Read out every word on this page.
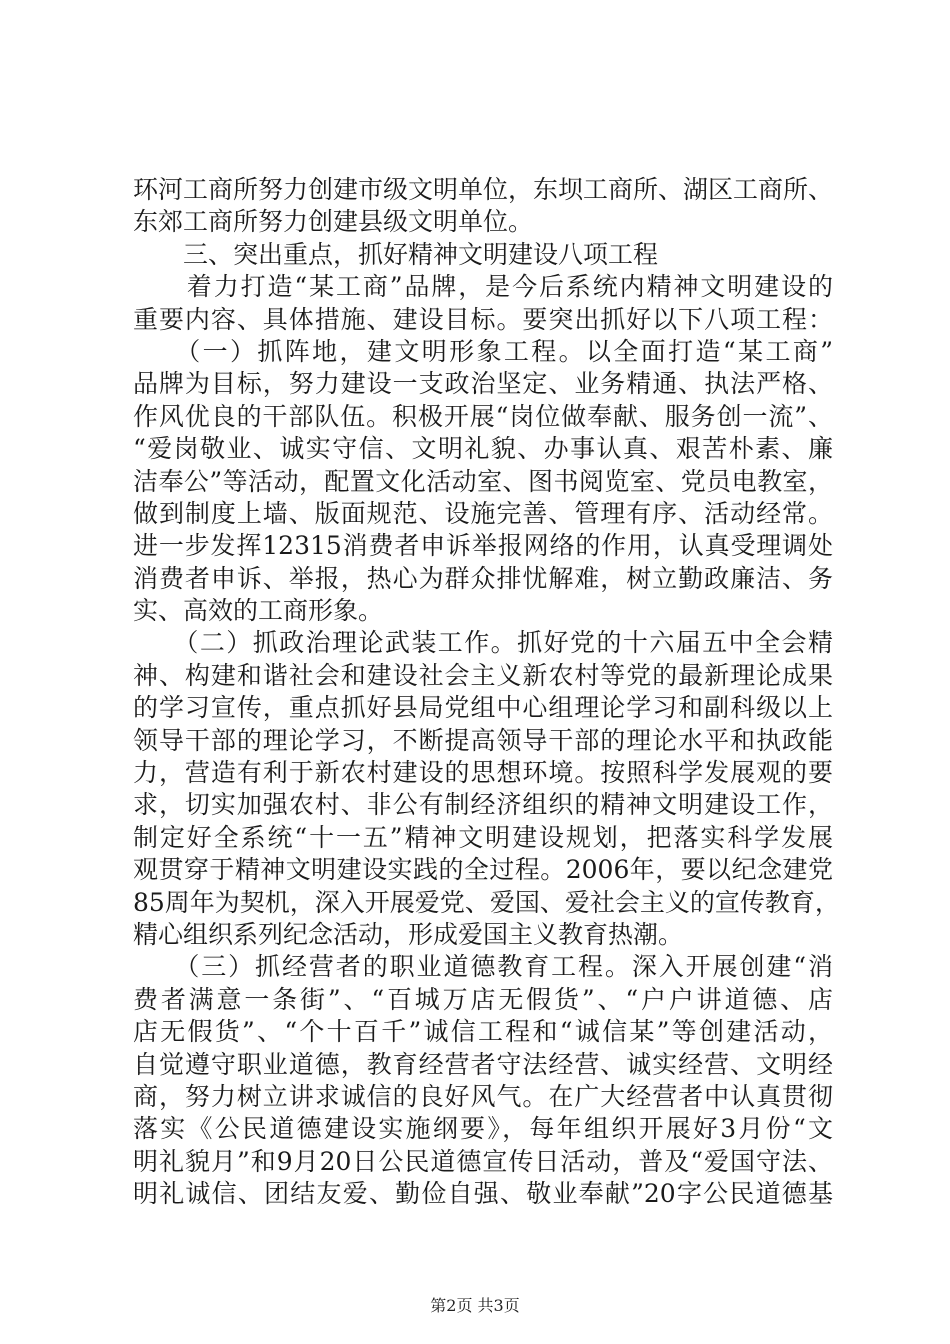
环河工商所努力创建市级文明单位，东坝工商所、湖区工商所、
东郊工商所努力创建县级文明单位。
　　三、突出重点，抓好精神文明建设八项工程
　　着力打造“某工商”品牌，是今后系统内精神文明建设的
重要内容、具体措施、建设目标。要突出抓好以下八项工程：
　　（一）抓阵地，建文明形象工程。以全面打造“某工商”
品牌为目标，努力建设一支政治坚定、业务精通、执法严格、
作风优良的干部队伍。积极开展“岗位做奉献、服务创一流”、
“爱岗敬业、诚实守信、文明礼貌、办事认真、艰苦朴素、廉
洁奉公”等活动，配置文化活动室、图书阅览室、党员电教室，
做到制度上墙、版面规范、设施完善、管理有序、活动经常。
进一步发挥12315消费者申诉举报网络的作用，认真受理调处
消费者申诉、举报，热心为群众排忧解难，树立勤政廉洁、务
实、高效的工商形象。
　　（二）抓政治理论武装工作。抓好党的十六届五中全会精
神、构建和谐社会和建设社会主义新农村等党的最新理论成果
的学习宣传，重点抓好县局党组中心组理论学习和副科级以上
领导干部的理论学习，不断提高领导干部的理论水平和执政能
力，营造有利于新农村建设的思想环境。按照科学发展观的要
求，切实加强农村、非公有制经济组织的精神文明建设工作，
制定好全系统“十一五”精神文明建设规划，把落实科学发展
观贯穿于精神文明建设实践的全过程。2006年，要以纪念建党
85周年为契机，深入开展爱党、爱国、爱社会主义的宣传教育，
精心组织系列纪念活动，形成爱国主义教育热潮。
　　（三）抓经营者的职业道德教育工程。深入开展创建“消
费者满意一条街”、“百城万店无假货”、“户户讲道德、店
店无假货”、“个十百千”诚信工程和“诚信某”等创建活动，
自觉遵守职业道德，教育经营者守法经营、诚实经营、文明经
商，努力树立讲求诚信的良好风气。在广大经营者中认真贯彻
落实《公民道德建设实施纲要》，每年组织开展好3月份“文
明礼貌月”和9月20日公民道德宣传日活动，普及“爱国守法、
明礼诚信、团结友爱、勤俭自强、敬业奉献”20字公民道德基
第2页 共3页
